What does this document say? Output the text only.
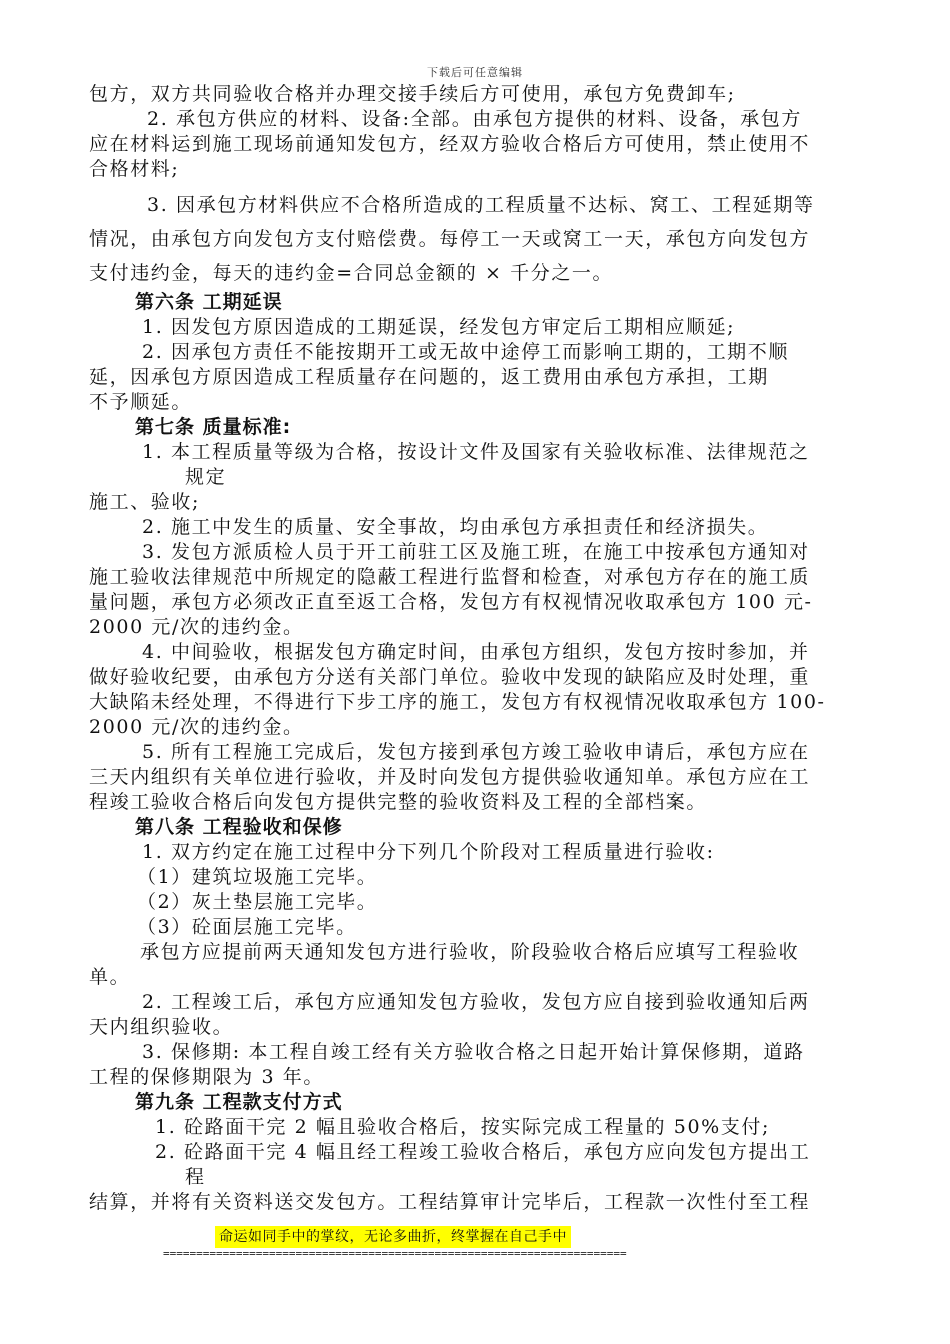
下载后可任意编辑
包方，双方共同验收合格并办理交接手续后方可使用，承包方免费卸车;
2. 承包方供应的材料、设备:全部。由承包方提供的材料、设备，承包方
应在材料运到施工现场前通知发包方，经双方验收合格后方可使用，禁止使用不
合格材料;
3. 因承包方材料供应不合格所造成的工程质量不达标、窝工、工程延期等
情况，由承包方向发包方支付赔偿费。每停工一天或窝工一天，承包方向发包方
支付违约金，每天的违约金=合同总金额的 × 千分之一。
第六条 工期延误
1. 因发包方原因造成的工期延误，经发包方审定后工期相应顺延;
2. 因承包方责任不能按期开工或无故中途停工而影响工期的，工期不顺
延，因承包方原因造成工程质量存在问题的，返工费用由承包方承担，工期
不予顺延。
第七条 质量标准:
1. 本工程质量等级为合格，按设计文件及国家有关验收标准、法律规范之
规定
施工、验收;
2. 施工中发生的质量、安全事故，均由承包方承担责任和经济损失。
3. 发包方派质检人员于开工前驻工区及施工班，在施工中按承包方通知对
施工验收法律规范中所规定的隐蔽工程进行监督和检查，对承包方存在的施工质
量问题，承包方必须改正直至返工合格，发包方有权视情况收取承包方 100 元-
2000 元/次的违约金。
4. 中间验收，根据发包方确定时间，由承包方组织，发包方按时参加，并
做好验收纪要，由承包方分送有关部门单位。验收中发现的缺陷应及时处理，重
大缺陷未经处理，不得进行下步工序的施工，发包方有权视情况收取承包方 100-
2000 元/次的违约金。
5. 所有工程施工完成后，发包方接到承包方竣工验收申请后，承包方应在
三天内组织有关单位进行验收，并及时向发包方提供验收通知单。承包方应在工
程竣工验收合格后向发包方提供完整的验收资料及工程的全部档案。
第八条 工程验收和保修
1. 双方约定在施工过程中分下列几个阶段对工程质量进行验收:
（1）建筑垃圾施工完毕。
（2）灰土垫层施工完毕。
（3）砼面层施工完毕。
承包方应提前两天通知发包方进行验收，阶段验收合格后应填写工程验收
单。
2. 工程竣工后，承包方应通知发包方验收，发包方应自接到验收通知后两
天内组织验收。
3. 保修期: 本工程自竣工经有关方验收合格之日起开始计算保修期，道路
工程的保修期限为 3 年。
第九条 工程款支付方式
1. 砼路面干完 2 幅且验收合格后，按实际完成工程量的 50%支付;
2. 砼路面干完 4 幅且经工程竣工验收合格后，承包方应向发包方提出工
程
结算，并将有关资料送交发包方。工程结算审计完毕后，工程款一次性付至工程
命运如同手中的掌纹，无论多曲折，终掌握在自己手中
======================================================================
